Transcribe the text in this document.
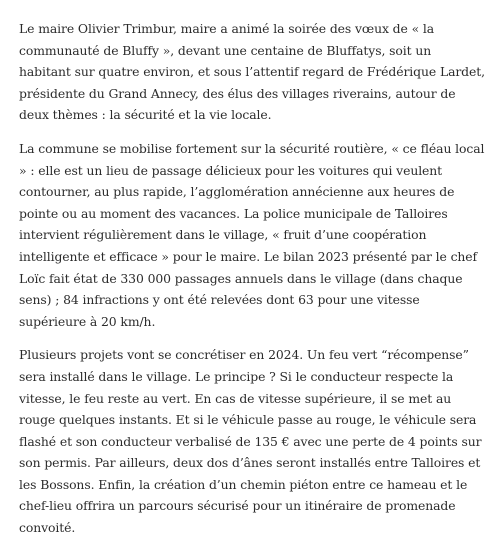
Le maire Olivier Trimbur, maire a animé la soirée des vœux de « la communauté de Bluffy », devant une centaine de Bluffatys, soit un habitant sur quatre environ, et sous l’attentif regard de Frédérique Lardet, présidente du Grand Annecy, des élus des villages riverains, autour de deux thèmes : la sécurité et la vie locale.

La commune se mobilise fortement sur la sécurité routière, « ce fléau local » : elle est un lieu de passage délicieux pour les voitures qui veulent contourner, au plus rapide, l’agglomération annécienne aux heures de pointe ou au moment des vacances. La police municipale de Talloires intervient régulièrement dans le village, « fruit d’une coopération intelligente et efficace » pour le maire. Le bilan 2023 présenté par le chef Loïc fait état de 330 000 passages annuels dans le village (dans chaque sens) ; 84 infractions y ont été relevées dont 63 pour une vitesse supérieure à 20 km/h.

Plusieurs projets vont se concrétiser en 2024. Un feu vert “récompense” sera installé dans le village. Le principe ? Si le conducteur respecte la vitesse, le feu reste au vert. En cas de vitesse supérieure, il se met au rouge quelques instants. Et si le véhicule passe au rouge, le véhicule sera flashé et son conducteur verbalisé de 135 € avec une perte de 4 points sur son permis. Par ailleurs, deux dos d’ânes seront installés entre Talloires et les Bossons. Enfin, la création d’un chemin piéton entre ce hameau et le chef-lieu offrira un parcours sécurisé pour un itinéraire de promenade convoité.
